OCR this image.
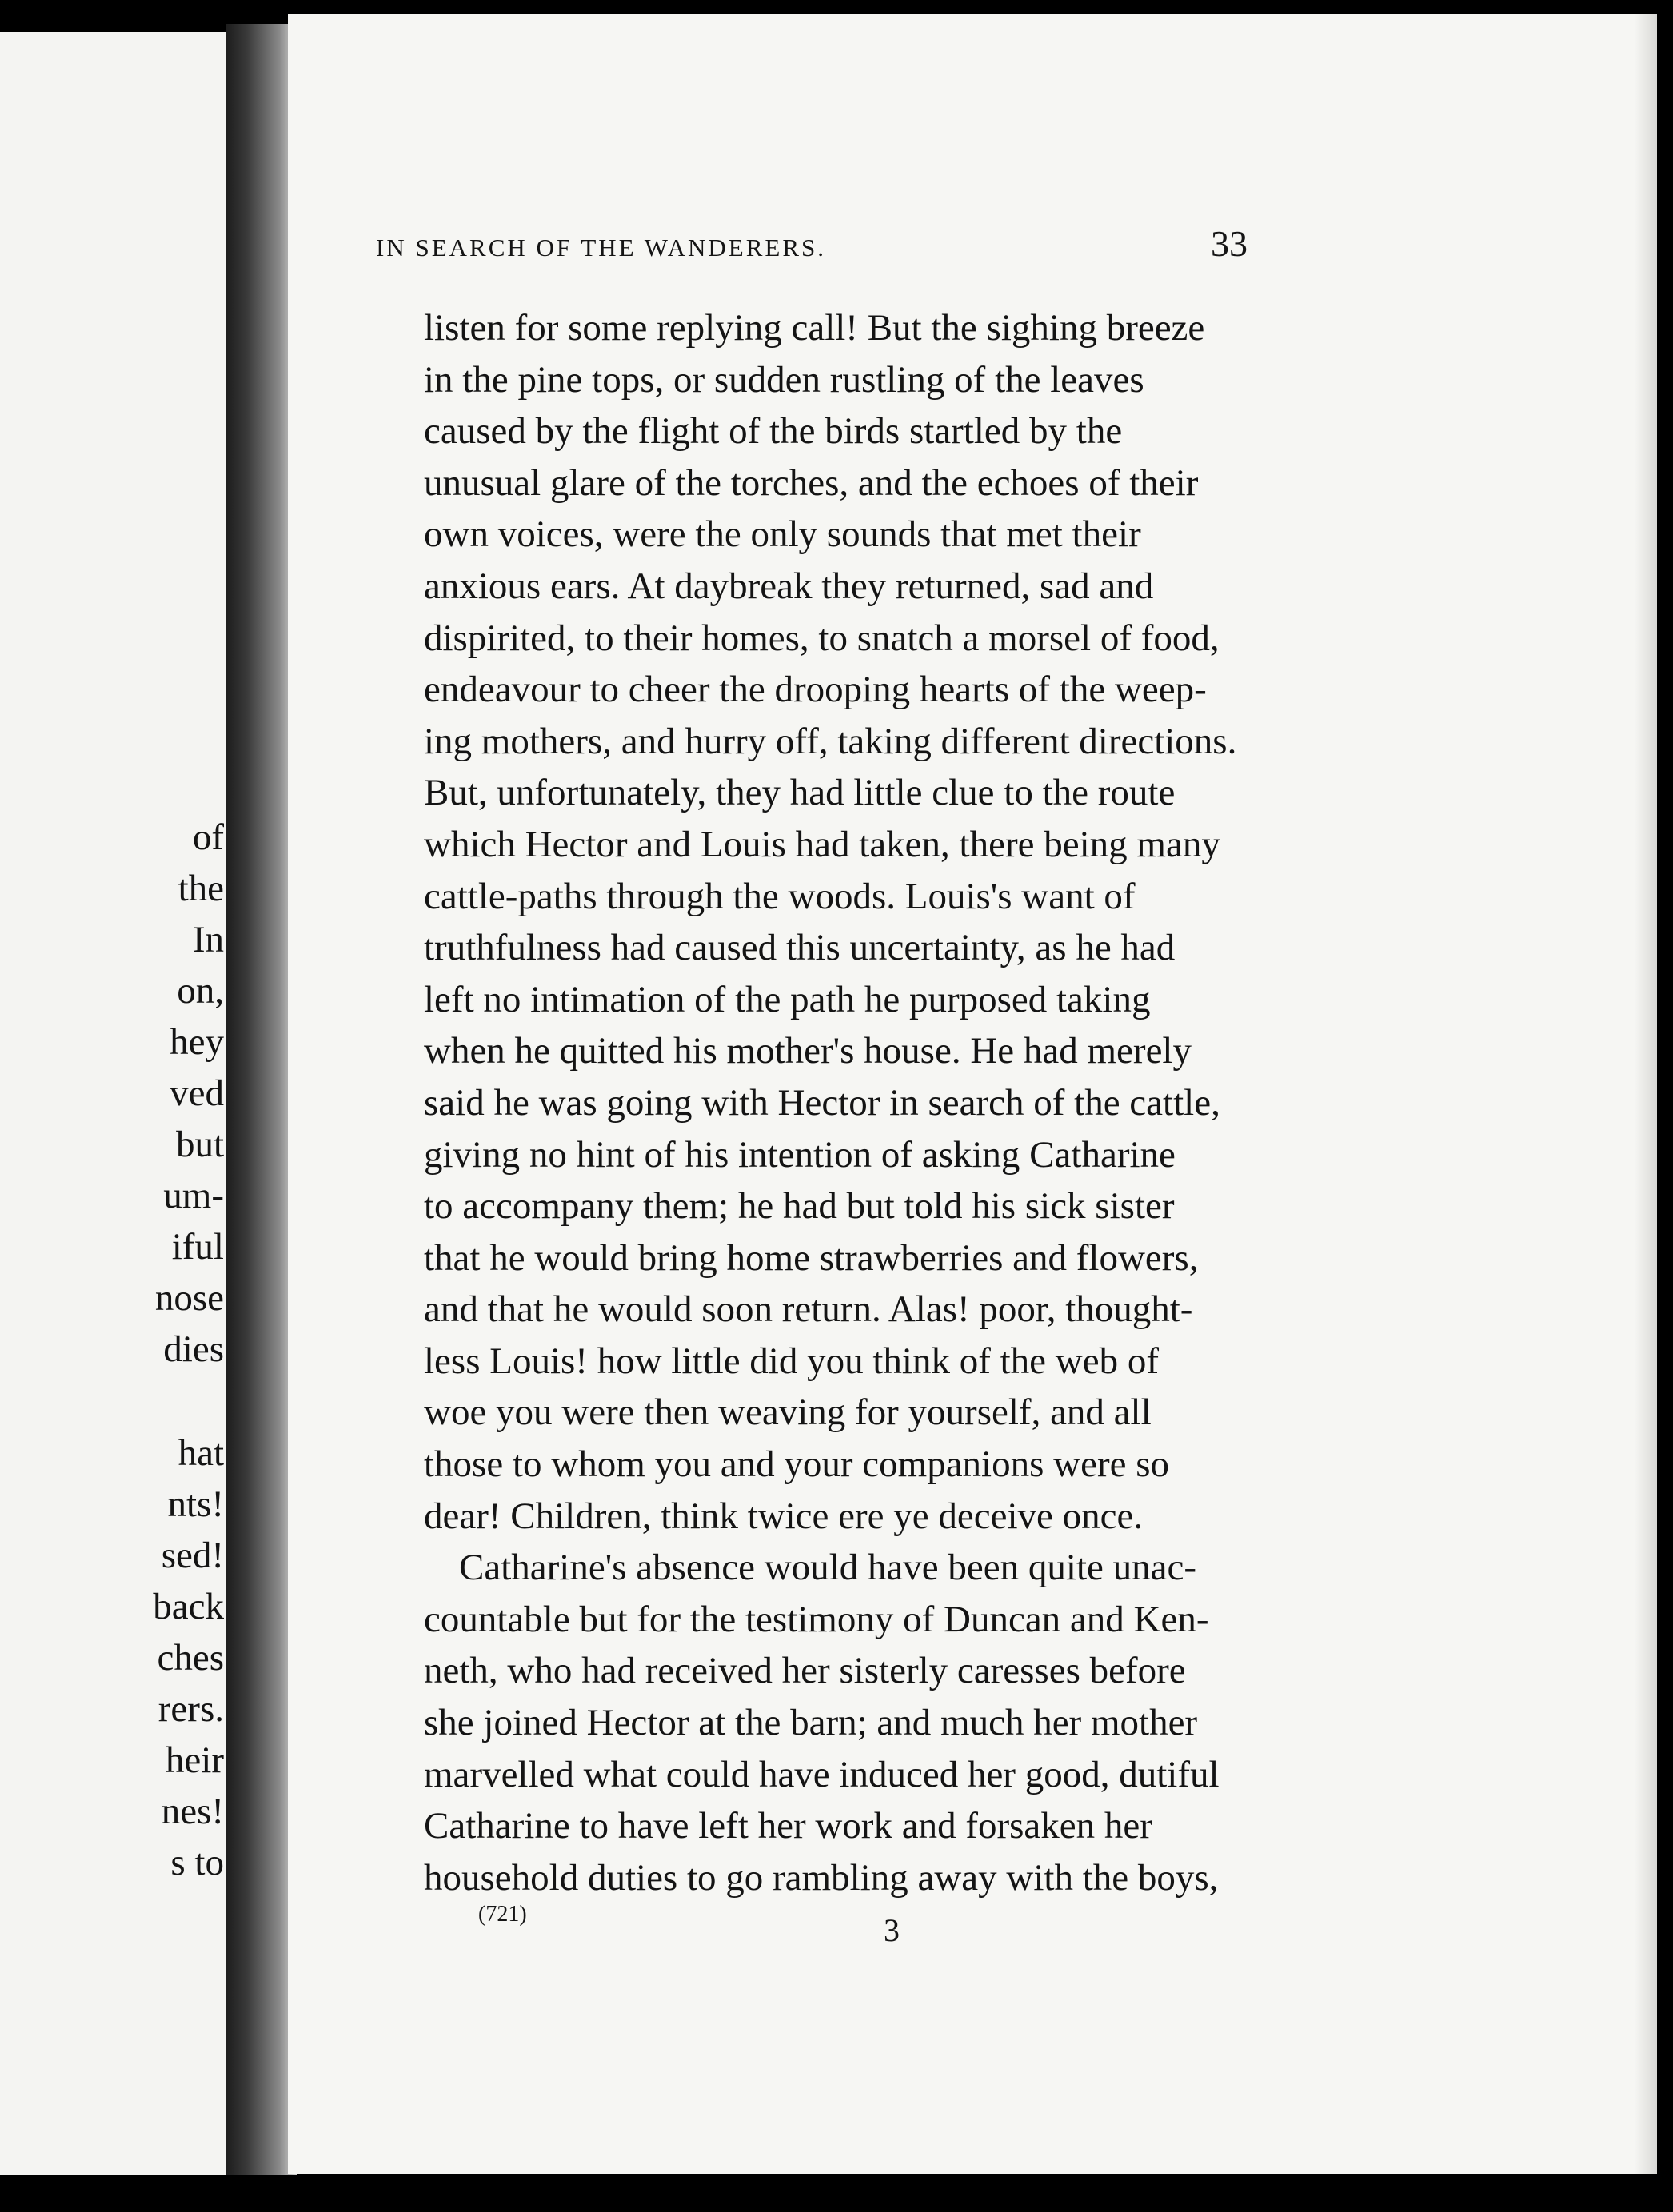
of
the
In
on,
hey
ved
but
um-
iful
nose
dies
hat
nts!
sed!
back
ches
rers.
heir
nes!
s to
IN SEARCH OF THE WANDERERS.	33
listen for some replying call! But the sighing breeze
in the pine tops, or sudden rustling of the leaves
caused by the flight of the birds startled by the
unusual glare of the torches, and the echoes of their
own voices, were the only sounds that met their
anxious ears. At daybreak they returned, sad and
dispirited, to their homes, to snatch a morsel of food,
endeavour to cheer the drooping hearts of the weep-
ing mothers, and hurry off, taking different directions.
But, unfortunately, they had little clue to the route
which Hector and Louis had taken, there being many
cattle-paths through the woods. Louis's want of
truthfulness had caused this uncertainty, as he had
left no intimation of the path he purposed taking
when he quitted his mother's house. He had merely
said he was going with Hector in search of the cattle,
giving no hint of his intention of asking Catharine
to accompany them; he had but told his sick sister
that he would bring home strawberries and flowers,
and that he would soon return. Alas! poor, thought-
less Louis! how little did you think of the web of
woe you were then weaving for yourself, and all
those to whom you and your companions were so
dear! Children, think twice ere ye deceive once.
Catharine's absence would have been quite unac-
countable but for the testimony of Duncan and Ken-
neth, who had received her sisterly caresses before
she joined Hector at the barn; and much her mother
marvelled what could have induced her good, dutiful
Catharine to have left her work and forsaken her
household duties to go rambling away with the boys,
(721)	3
